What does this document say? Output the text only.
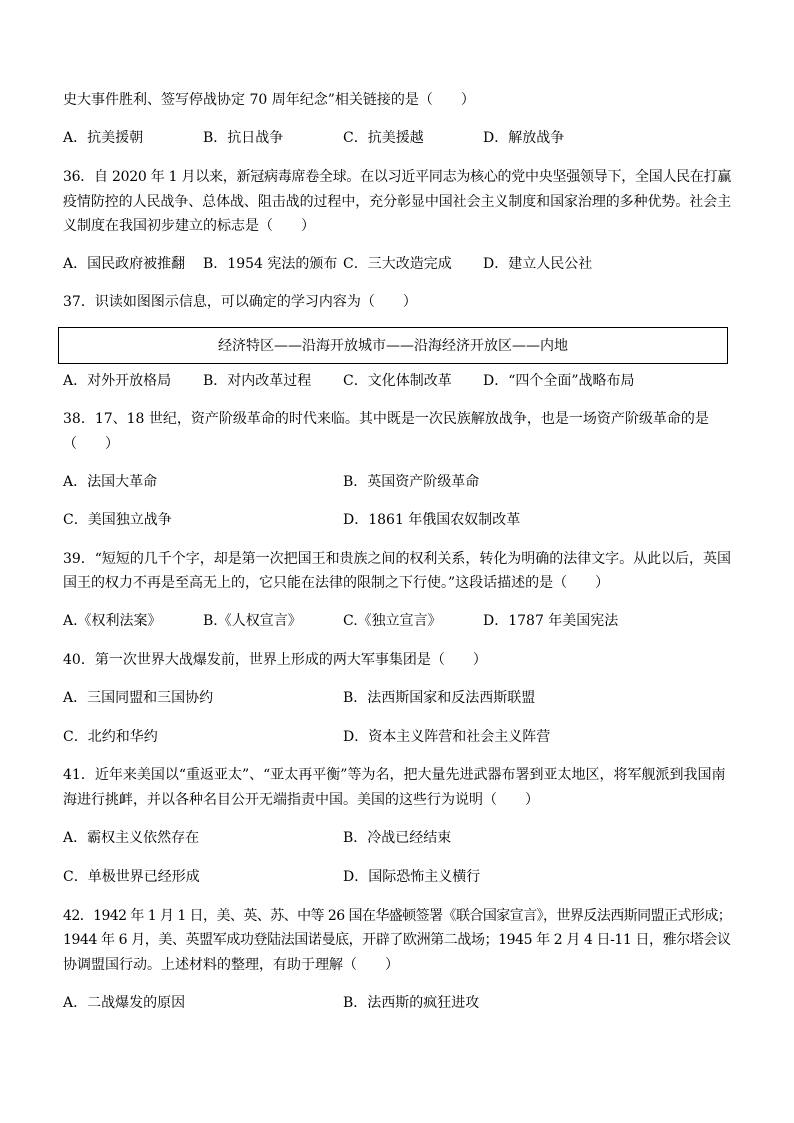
史大事件胜利、签写停战协定 70 周年纪念”相关链接的是（　　）
A．抗美援朝	B．抗日战争	C．抗美援越	D．解放战争
36．自 2020 年 1 月以来，新冠病毒席卷全球。在以习近平同志为核心的党中央坚强领导下，全国人民在打赢
疫情防控的人民战争、总体战、阻击战的过程中，充分彰显中国社会主义制度和国家治理的多种优势。社会主
义制度在我国初步建立的标志是（　　）
A．国民政府被推翻 B．1954 宪法的颁布 C．三大改造完成 D．建立人民公社
37．识读如图图示信息，可以确定的学习内容为（　　）
经济特区——沿海开放城市——沿海经济开放区——内地
A．对外开放格局 B．对内改革过程 C．文化体制改革 D．“四个全面”战略布局
38．17、18 世纪，资产阶级革命的时代来临。其中既是一次民族解放战争，也是一场资产阶级革命的是
（　　）
A．法国大革命	B．英国资产阶级革命
C．美国独立战争	D．1861 年俄国农奴制改革
39．“短短的几千个字，却是第一次把国王和贵族之间的权利关系，转化为明确的法律文字。从此以后，英国
国王的权力不再是至高无上的，它只能在法律的限制之下行使。”这段话描述的是（　　）
A.《权利法案》	B.《人权宣言》	C.《独立宣言》	D．1787 年美国宪法
40．第一次世界大战爆发前，世界上形成的两大军事集团是（　　）
A．三国同盟和三国协约	B．法西斯国家和反法西斯联盟
C．北约和华约	D．资本主义阵营和社会主义阵营
41．近年来美国以“重返亚太”、“亚太再平衡”等为名，把大量先进武器布署到亚太地区，将军舰派到我国南
海进行挑衅，并以各种名目公开无端指责中国。美国的这些行为说明（　　）
A．霸权主义依然存在	B．冷战已经结束
C．单极世界已经形成	D．国际恐怖主义横行
42．1942 年 1 月 1 日，美、英、苏、中等 26 国在华盛顿签署《联合国家宣言》，世界反法西斯同盟正式形成；
1944 年 6 月，美、英盟军成功登陆法国诺曼底，开辟了欧洲第二战场；1945 年 2 月 4 日-11 日，雅尔塔会议
协调盟国行动。上述材料的整理，有助于理解（　　）
A．二战爆发的原因	B．法西斯的疯狂进攻
